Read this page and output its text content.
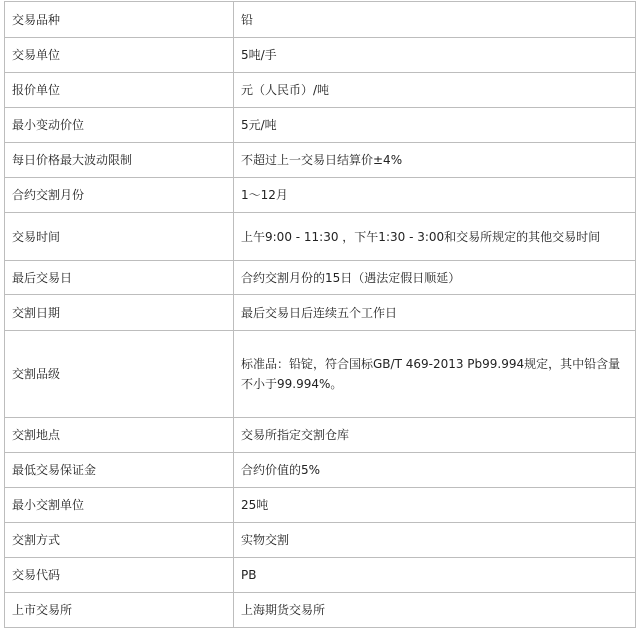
交易品种	铅
交易单位	5吨/手
报价单位	元（人民币）/吨
最小变动价位	5元/吨
每日价格最大波动限制	不超过上一交易日结算价±4%
合约交割月份	1～12月
交易时间	上午9:00 - 11:30 ，下午1:30 - 3:00和交易所规定的其他交易时间
最后交易日	合约交割月份的15日（遇法定假日顺延）
交割日期	最后交易日后连续五个工作日
交割品级	标准品：铅锭，符合国标GB/T 469-2013 Pb99.994规定，其中铅含量不小于99.994%。
交割地点	交易所指定交割仓库
最低交易保证金	合约价值的5%
最小交割单位	25吨
交割方式	实物交割
交易代码	PB
上市交易所	上海期货交易所
